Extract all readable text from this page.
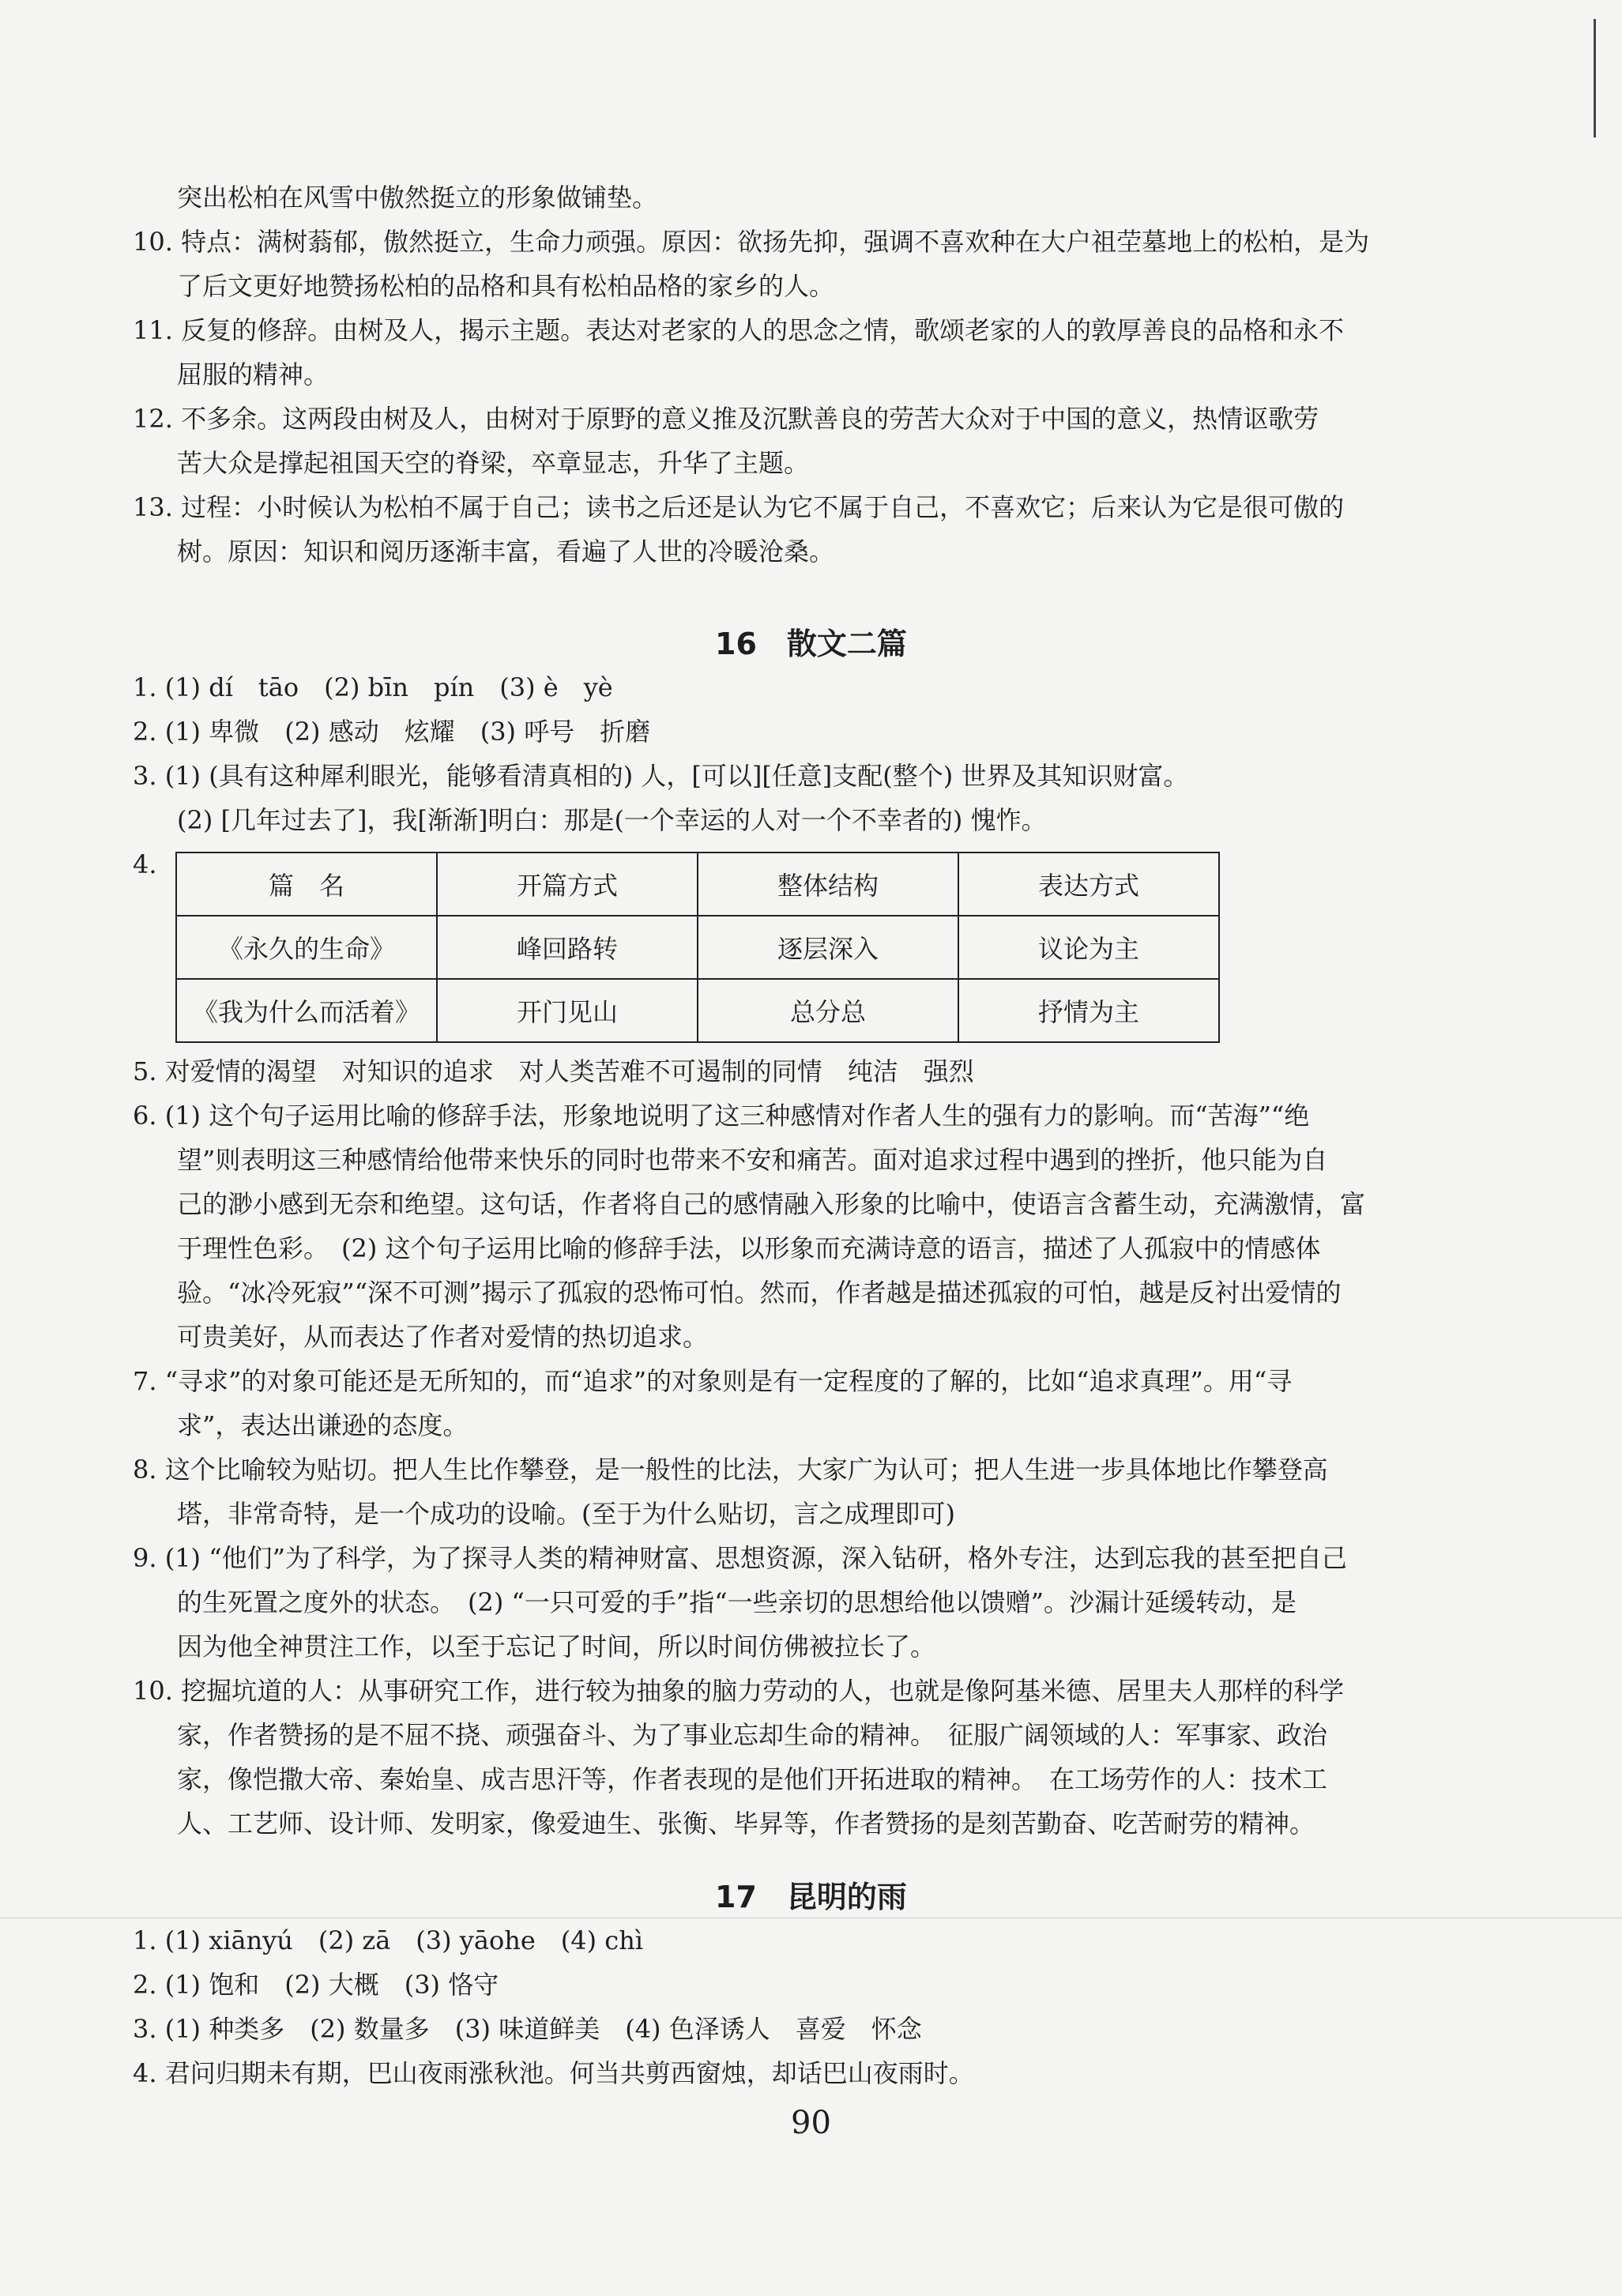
突出松柏在风雪中傲然挺立的形象做铺垫。
10. 特点：满树蓊郁，傲然挺立，生命力顽强。原因：欲扬先抑，强调不喜欢种在大户祖茔墓地上的松柏，是为
了后文更好地赞扬松柏的品格和具有松柏品格的家乡的人。
11. 反复的修辞。由树及人，揭示主题。表达对老家的人的思念之情，歌颂老家的人的敦厚善良的品格和永不
屈服的精神。
12. 不多余。这两段由树及人，由树对于原野的意义推及沉默善良的劳苦大众对于中国的意义，热情讴歌劳
苦大众是撑起祖国天空的脊梁，卒章显志，升华了主题。
13. 过程：小时候认为松柏不属于自己；读书之后还是认为它不属于自己，不喜欢它；后来认为它是很可傲的
树。原因：知识和阅历逐渐丰富，看遍了人世的冷暖沧桑。
16　散文二篇
1. (1) dí　tāo　(2) bīn　pín　(3) è　yè
2. (1) 卑微　(2) 感动　炫耀　(3) 呼号　折磨
3. (1) (具有这种犀利眼光，能够看清真相的) 人，[可以][任意]支配(整个) 世界及其知识财富。
(2) [几年过去了]，我[渐渐]明白：那是(一个幸运的人对一个不幸者的) 愧怍。
4.
篇　名	开篇方式	整体结构	表达方式
《永久的生命》	峰回路转	逐层深入	议论为主
《我为什么而活着》	开门见山	总分总	抒情为主
5. 对爱情的渴望　对知识的追求　对人类苦难不可遏制的同情　纯洁　强烈
6. (1) 这个句子运用比喻的修辞手法，形象地说明了这三种感情对作者人生的强有力的影响。而“苦海”“绝
望”则表明这三种感情给他带来快乐的同时也带来不安和痛苦。面对追求过程中遇到的挫折，他只能为自
己的渺小感到无奈和绝望。这句话，作者将自己的感情融入形象的比喻中，使语言含蓄生动，充满激情，富
于理性色彩。　(2) 这个句子运用比喻的修辞手法，以形象而充满诗意的语言，描述了人孤寂中的情感体
验。“冰冷死寂”“深不可测”揭示了孤寂的恐怖可怕。然而，作者越是描述孤寂的可怕，越是反衬出爱情的
可贵美好，从而表达了作者对爱情的热切追求。
7. “寻求”的对象可能还是无所知的，而“追求”的对象则是有一定程度的了解的，比如“追求真理”。用“寻
求”，表达出谦逊的态度。
8. 这个比喻较为贴切。把人生比作攀登，是一般性的比法，大家广为认可；把人生进一步具体地比作攀登高
塔，非常奇特，是一个成功的设喻。(至于为什么贴切，言之成理即可)
9. (1) “他们”为了科学，为了探寻人类的精神财富、思想资源，深入钻研，格外专注，达到忘我的甚至把自己
的生死置之度外的状态。　(2) “一只可爱的手”指“一些亲切的思想给他以馈赠”。沙漏计延缓转动，是
因为他全神贯注工作，以至于忘记了时间，所以时间仿佛被拉长了。
10. 挖掘坑道的人：从事研究工作，进行较为抽象的脑力劳动的人，也就是像阿基米德、居里夫人那样的科学
家，作者赞扬的是不屈不挠、顽强奋斗、为了事业忘却生命的精神。　征服广阔领域的人：军事家、政治
家，像恺撒大帝、秦始皇、成吉思汗等，作者表现的是他们开拓进取的精神。　在工场劳作的人：技术工
人、工艺师、设计师、发明家，像爱迪生、张衡、毕昇等，作者赞扬的是刻苦勤奋、吃苦耐劳的精神。
17　昆明的雨
1. (1) xiānyú　(2) zā　(3) yāohe　(4) chì
2. (1) 饱和　(2) 大概　(3) 恪守
3. (1) 种类多　(2) 数量多　(3) 味道鲜美　(4) 色泽诱人　喜爱　怀念
4. 君问归期未有期，巴山夜雨涨秋池。何当共剪西窗烛，却话巴山夜雨时。
90
